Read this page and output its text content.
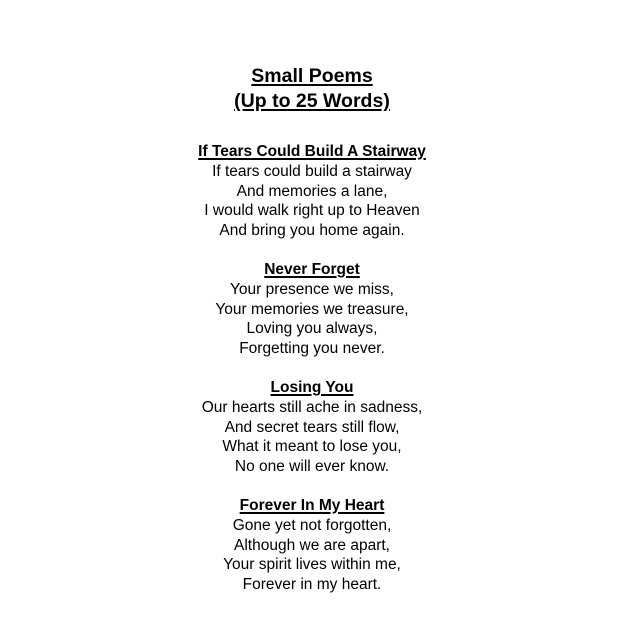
Small Poems

(Up to 25 Words)

If Tears Could Build A Stairway

If tears could build a stairway

And memories a lane,

I would walk right up to Heaven

And bring you home again.

Never Forget

Your presence we miss,

Your memories we treasure,

Loving you always,

Forgetting you never.

Losing You

Our hearts still ache in sadness,

And secret tears still flow,

What it meant to lose you,

No one will ever know.

Forever In My Heart

Gone yet not forgotten,

Although we are apart,

Your spirit lives within me,

Forever in my heart.
